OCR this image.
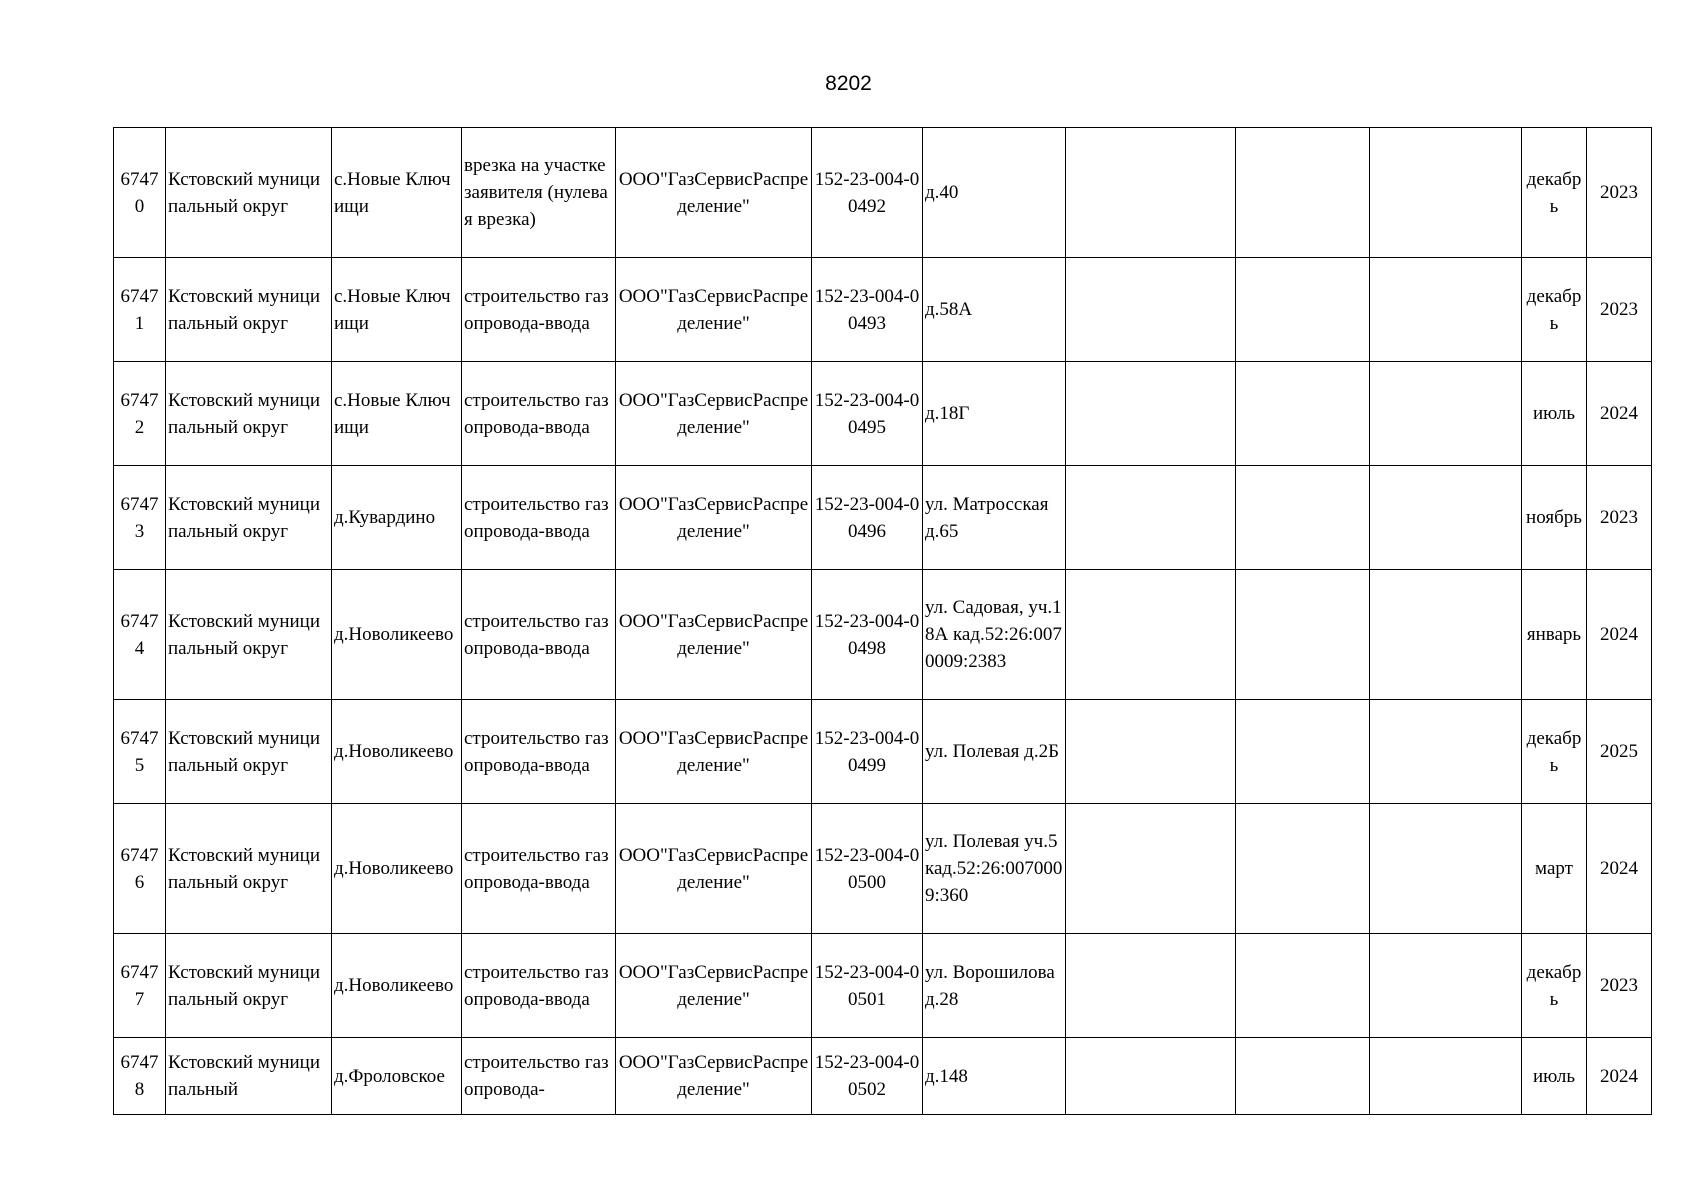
8202
67470	Кстовский муниципальный округ	с.Новые Ключищи	врезка на участке заявителя (нулевая врезка)	ООО"ГазСервисРаспределение"	152-23-004-00492	д.40				декабрь	2023
67471	Кстовский муниципальный округ	с.Новые Ключищи	строительство газопровода-ввода	ООО"ГазСервисРаспределение"	152-23-004-00493	д.58А				декабрь	2023
67472	Кстовский муниципальный округ	с.Новые Ключищи	строительство газопровода-ввода	ООО"ГазСервисРаспределение"	152-23-004-00495	д.18Г				июль	2024
67473	Кстовский муниципальный округ	д.Кувардино	строительство газопровода-ввода	ООО"ГазСервисРаспределение"	152-23-004-00496	ул. Матросская д.65				ноябрь	2023
67474	Кстовский муниципальный округ	д.Новоликеево	строительство газопровода-ввода	ООО"ГазСервисРаспределение"	152-23-004-00498	ул. Садовая, уч.18А кад.52:26:0070009:2383				январь	2024
67475	Кстовский муниципальный округ	д.Новоликеево	строительство газопровода-ввода	ООО"ГазСервисРаспределение"	152-23-004-00499	ул. Полевая д.2Б				декабрь	2025
67476	Кстовский муниципальный округ	д.Новоликеево	строительство газопровода-ввода	ООО"ГазСервисРаспределение"	152-23-004-00500	ул. Полевая уч.5 кад.52:26:0070009:360				март	2024
67477	Кстовский муниципальный округ	д.Новоликеево	строительство газопровода-ввода	ООО"ГазСервисРаспределение"	152-23-004-00501	ул. Ворошилова д.28				декабрь	2023
67478	Кстовский муниципальный	д.Фроловское	строительство газопровода-	ООО"ГазСервисРаспределение"	152-23-004-00502	д.148				июль	2024
